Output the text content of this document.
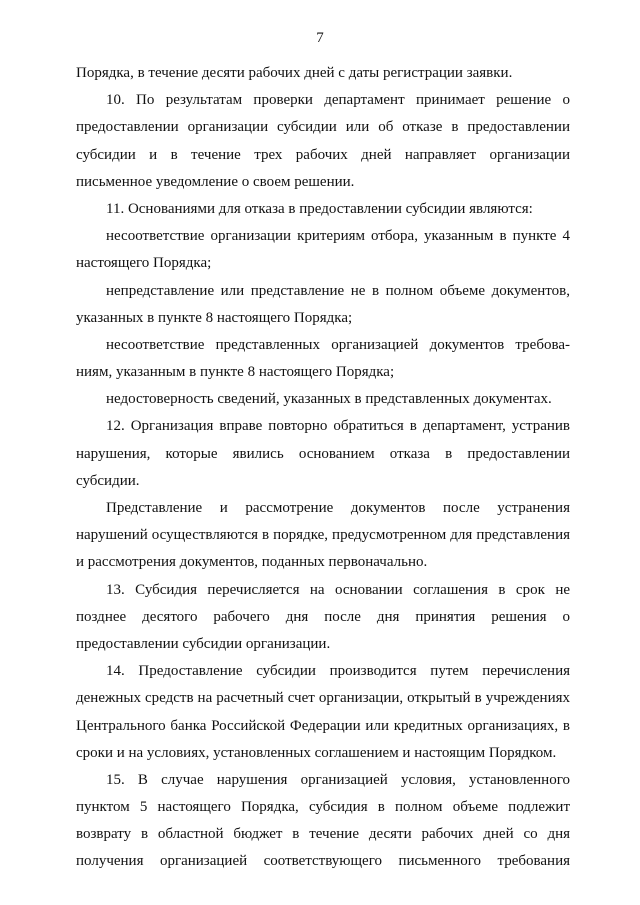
7
Порядка, в течение десяти рабочих дней с даты регистрации заявки.
10. По результатам проверки департамент принимает решение о
предоставлении организации субсидии или об отказе в предоставлении
субсидии и в течение трех рабочих дней направляет организации
письменное уведомление о своем решении.
11. Основаниями для отказа в предоставлении субсидии являются:
несоответствие организации критериям отбора, указанным в пункте 4
настоящего Порядка;
непредставление или представление не в полном объеме документов,
указанных в пункте 8 настоящего Порядка;
несоответствие представленных организацией документов требова-
ниям, указанным в пункте 8 настоящего Порядка;
недостоверность сведений, указанных в представленных документах.
12. Организация вправе повторно обратиться в департамент, устранив
нарушения, которые явились основанием отказа в предоставлении
субсидии.
Представление и рассмотрение документов после устранения
нарушений осуществляются в порядке, предусмотренном для представления
и рассмотрения документов, поданных первоначально.
13. Субсидия перечисляется на основании соглашения в срок не
позднее десятого рабочего дня после дня принятия решения о
предоставлении субсидии организации.
14. Предоставление субсидии производится путем перечисления
денежных средств на расчетный счет организации, открытый в учреждениях
Центрального банка Российской Федерации или кредитных организациях, в
сроки и на условиях, установленных соглашением и настоящим Порядком.
15. В случае нарушения организацией условия, установленного
пунктом 5 настоящего Порядка, субсидия в полном объеме подлежит
возврату в областной бюджет в течение десяти рабочих дней со дня
получения организацией соответствующего письменного требования
